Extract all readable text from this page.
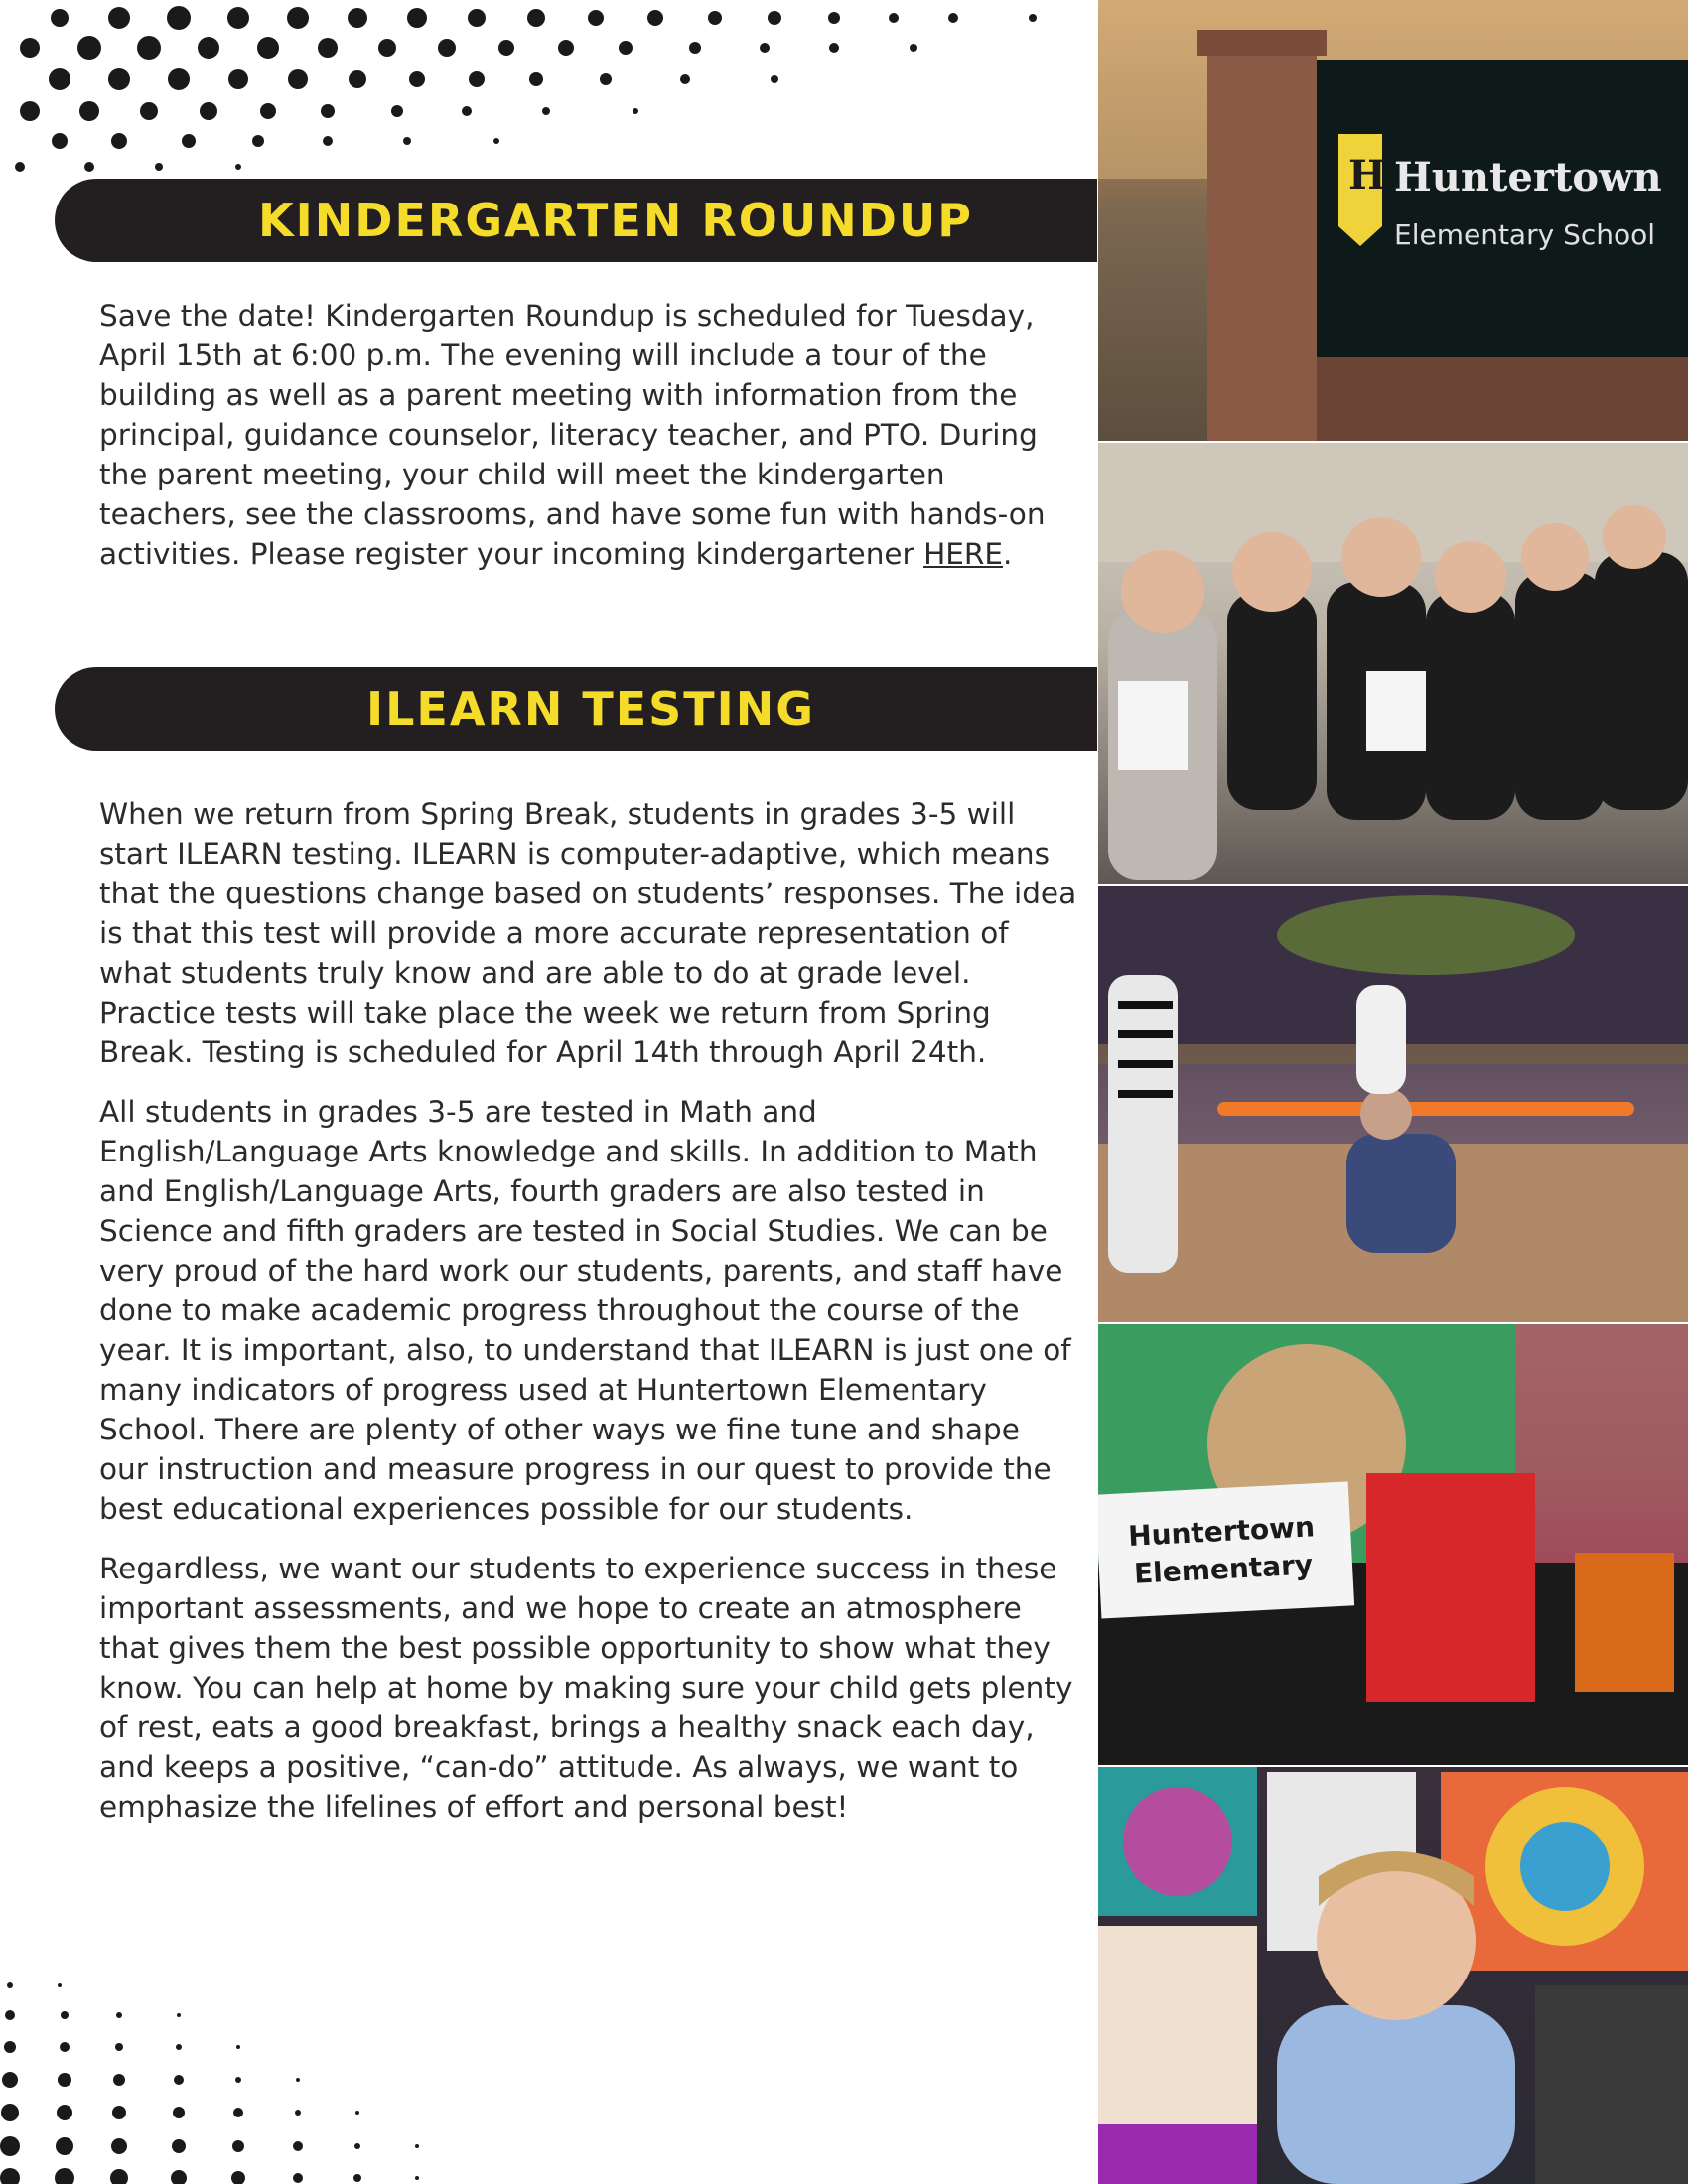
KINDERGARTEN ROUNDUP

Save the date! Kindergarten Roundup is scheduled for Tuesday, April 15th at 6:00 p.m. The evening will include a tour of the building as well as a parent meeting with information from the principal, guidance counselor, literacy teacher, and PTO. During the parent meeting, your child will meet the kindergarten teachers, see the classrooms, and have some fun with hands-on activities. Please register your incoming kindergartener HERE.

ILEARN TESTING

When we return from Spring Break, students in grades 3-5 will start ILEARN testing. ILEARN is computer-adaptive, which means that the questions change based on students’ responses. The idea is that this test will provide a more accurate representation of what students truly know and are able to do at grade level. Practice tests will take place the week we return from Spring Break. Testing is scheduled for April 14th through April 24th.

All students in grades 3-5 are tested in Math and English/Language Arts knowledge and skills. In addition to Math and English/Language Arts, fourth graders are also tested in Science and fifth graders are tested in Social Studies. We can be very proud of the hard work our students, parents, and staff have done to make academic progress throughout the course of the year. It is important, also, to understand that ILEARN is just one of many indicators of progress used at Huntertown Elementary School. There are plenty of other ways we fine tune and shape our instruction and measure progress in our quest to provide the best educational experiences possible for our students.

Regardless, we want our students to experience success in these important assessments, and we hope to create an atmosphere that gives them the best possible opportunity to show what they know. You can help at home by making sure your child gets plenty of rest, eats a good breakfast, brings a healthy snack each day, and keeps a positive, “can-do” attitude. As always, we want to emphasize the lifelines of effort and personal best!

H Huntertown
Elementary School
Huntertown
Elementary
